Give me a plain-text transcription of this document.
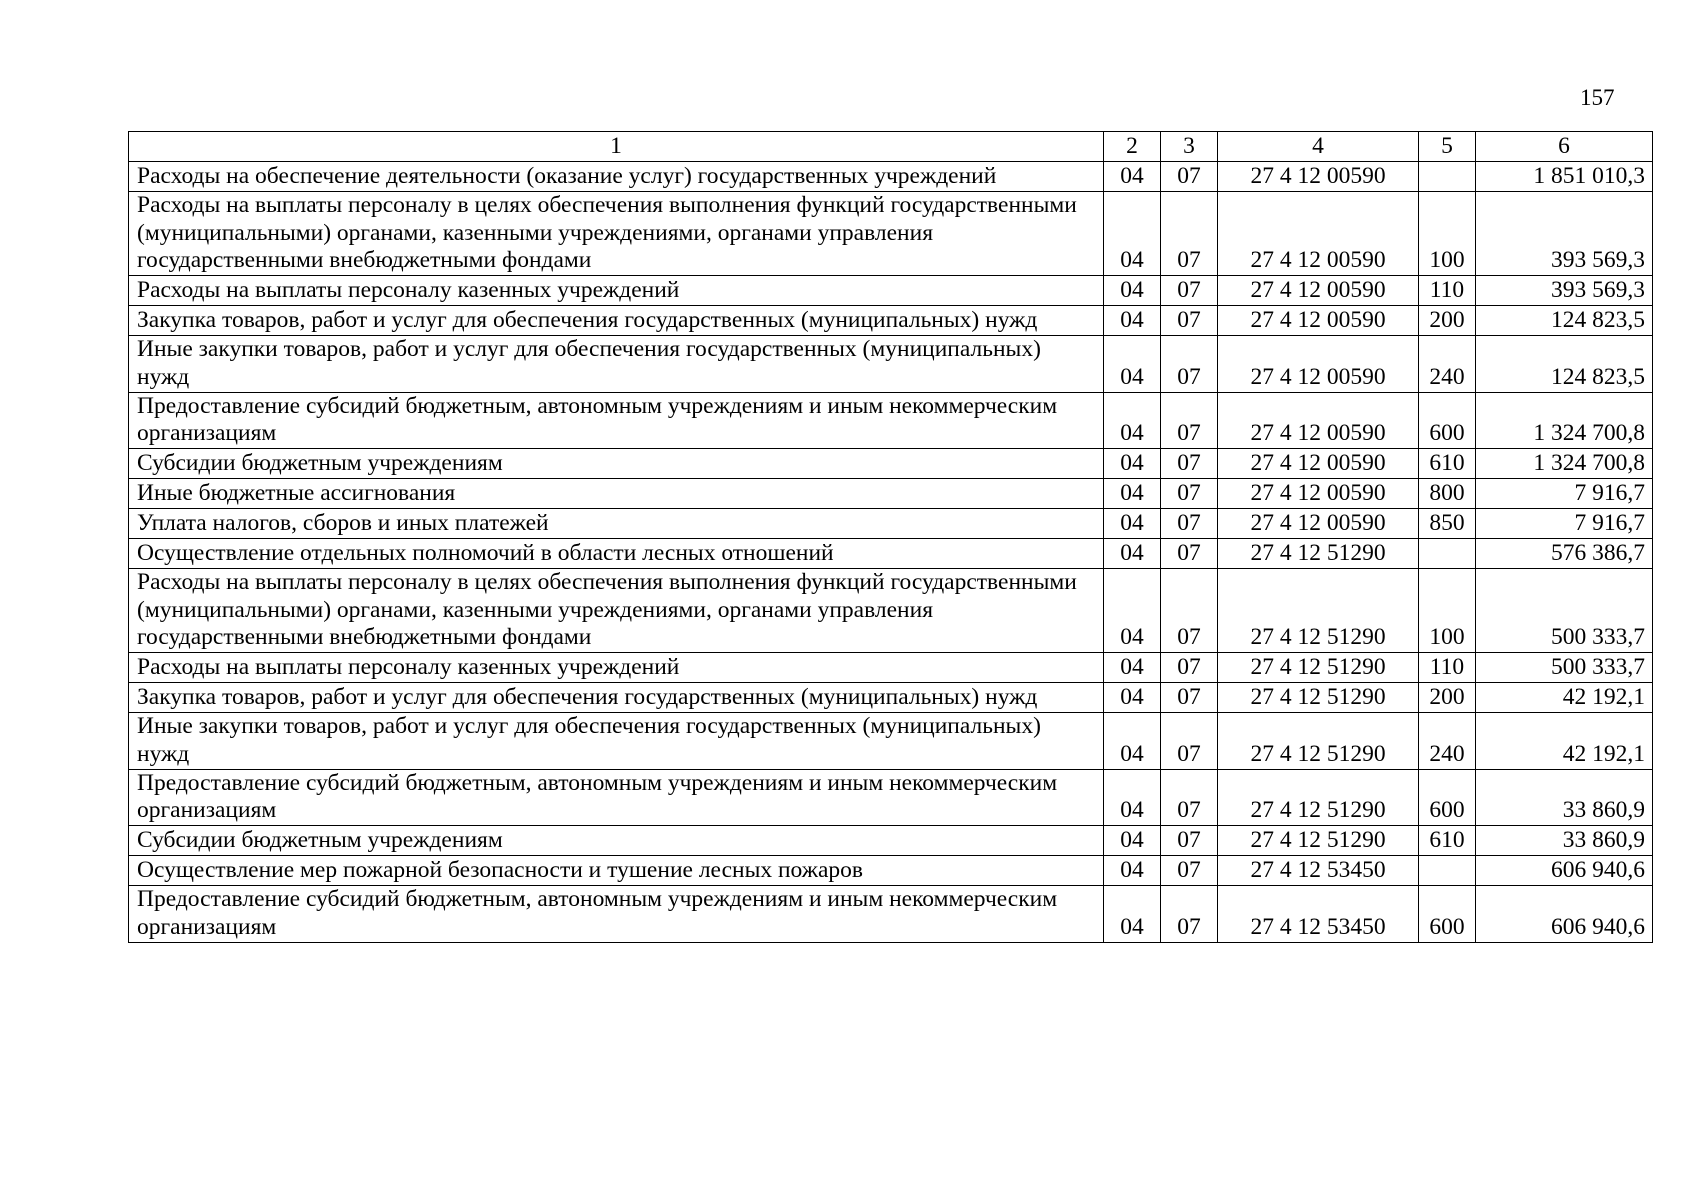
157
1	2	3	4	5	6
Расходы на обеспечение деятельности (оказание услуг) государственных учреждений	04	07	27 4 12 00590		1 851 010,3
Расходы на выплаты персоналу в целях обеспечения выполнения функций государственными (муниципальными) органами, казенными учреждениями, органами управления государственными внебюджетными фондами	04	07	27 4 12 00590	100	393 569,3
Расходы на выплаты персоналу казенных учреждений	04	07	27 4 12 00590	110	393 569,3
Закупка товаров, работ и услуг для обеспечения государственных (муниципальных) нужд	04	07	27 4 12 00590	200	124 823,5
Иные закупки товаров, работ и услуг для обеспечения государственных (муниципальных) нужд	04	07	27 4 12 00590	240	124 823,5
Предоставление субсидий бюджетным, автономным учреждениям и иным некоммерческим организациям	04	07	27 4 12 00590	600	1 324 700,8
Субсидии бюджетным учреждениям	04	07	27 4 12 00590	610	1 324 700,8
Иные бюджетные ассигнования	04	07	27 4 12 00590	800	7 916,7
Уплата налогов, сборов и иных платежей	04	07	27 4 12 00590	850	7 916,7
Осуществление отдельных полномочий в области лесных отношений	04	07	27 4 12 51290		576 386,7
Расходы на выплаты персоналу в целях обеспечения выполнения функций государственными (муниципальными) органами, казенными учреждениями, органами управления государственными внебюджетными фондами	04	07	27 4 12 51290	100	500 333,7
Расходы на выплаты персоналу казенных учреждений	04	07	27 4 12 51290	110	500 333,7
Закупка товаров, работ и услуг для обеспечения государственных (муниципальных) нужд	04	07	27 4 12 51290	200	42 192,1
Иные закупки товаров, работ и услуг для обеспечения государственных (муниципальных) нужд	04	07	27 4 12 51290	240	42 192,1
Предоставление субсидий бюджетным, автономным учреждениям и иным некоммерческим организациям	04	07	27 4 12 51290	600	33 860,9
Субсидии бюджетным учреждениям	04	07	27 4 12 51290	610	33 860,9
Осуществление мер пожарной безопасности и тушение лесных пожаров	04	07	27 4 12 53450		606 940,6
Предоставление субсидий бюджетным, автономным учреждениям и иным некоммерческим организациям	04	07	27 4 12 53450	600	606 940,6
